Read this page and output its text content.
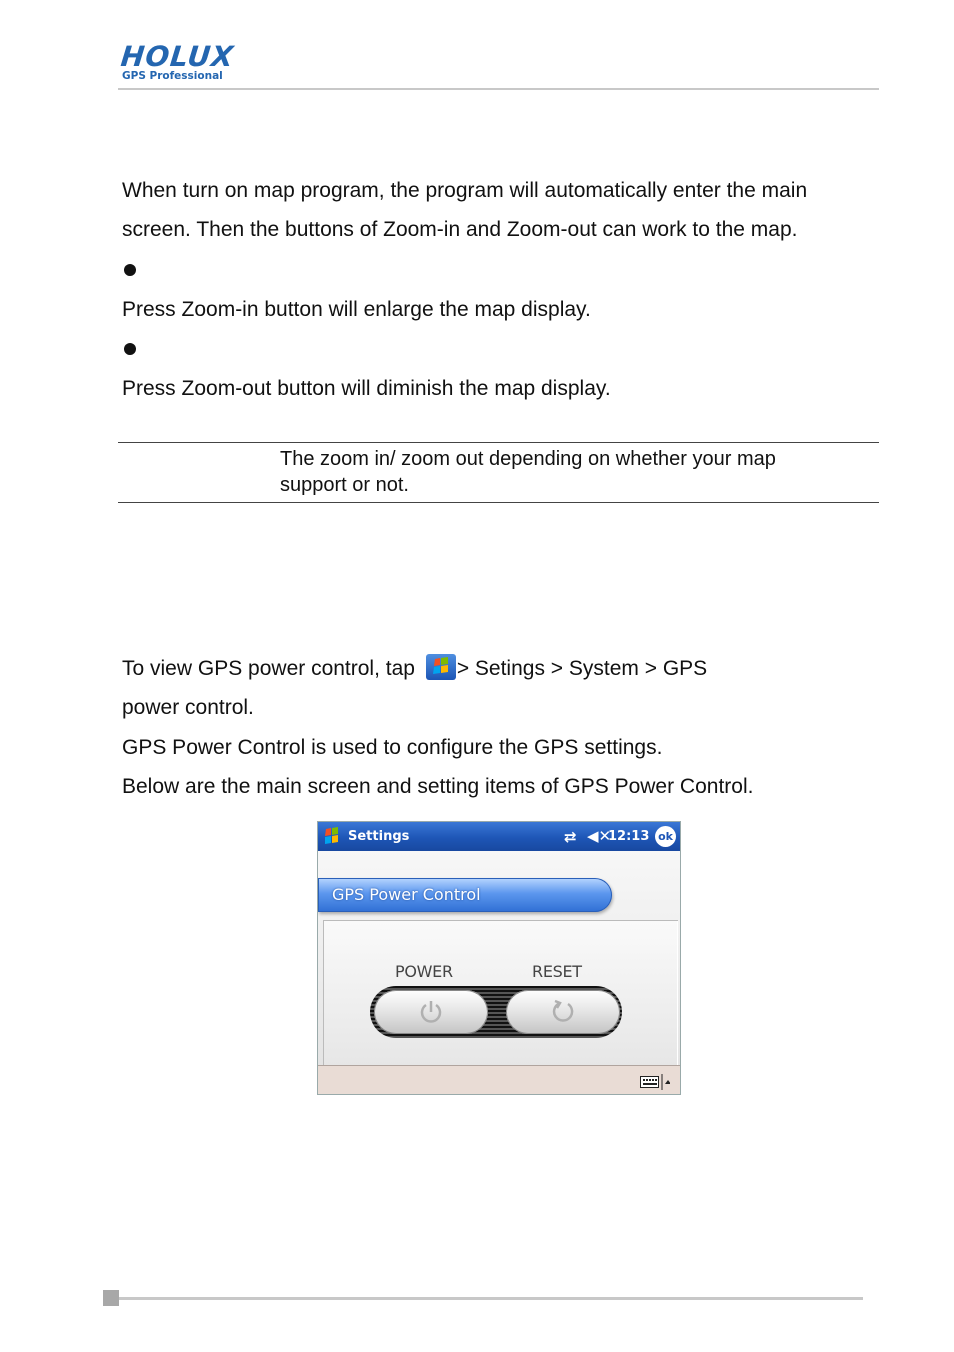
HOLUX
GPS Professional
When turn on map program, the program will automatically enter the main
screen. Then the buttons of Zoom-in and Zoom-out can work to the map.
Press Zoom-in button will enlarge the map display.
Press Zoom-out button will diminish the map display.
The zoom in/ zoom out depending on whether your map
support or not.
To view GPS power control, tap > Setings > System > GPS
power control.
GPS Power Control is used to configure the GPS settings.
Below are the main screen and setting items of GPS Power Control.
Settings	⇄ ◀✕
12:13 ok
GPS Power Control
POWER	RESET
